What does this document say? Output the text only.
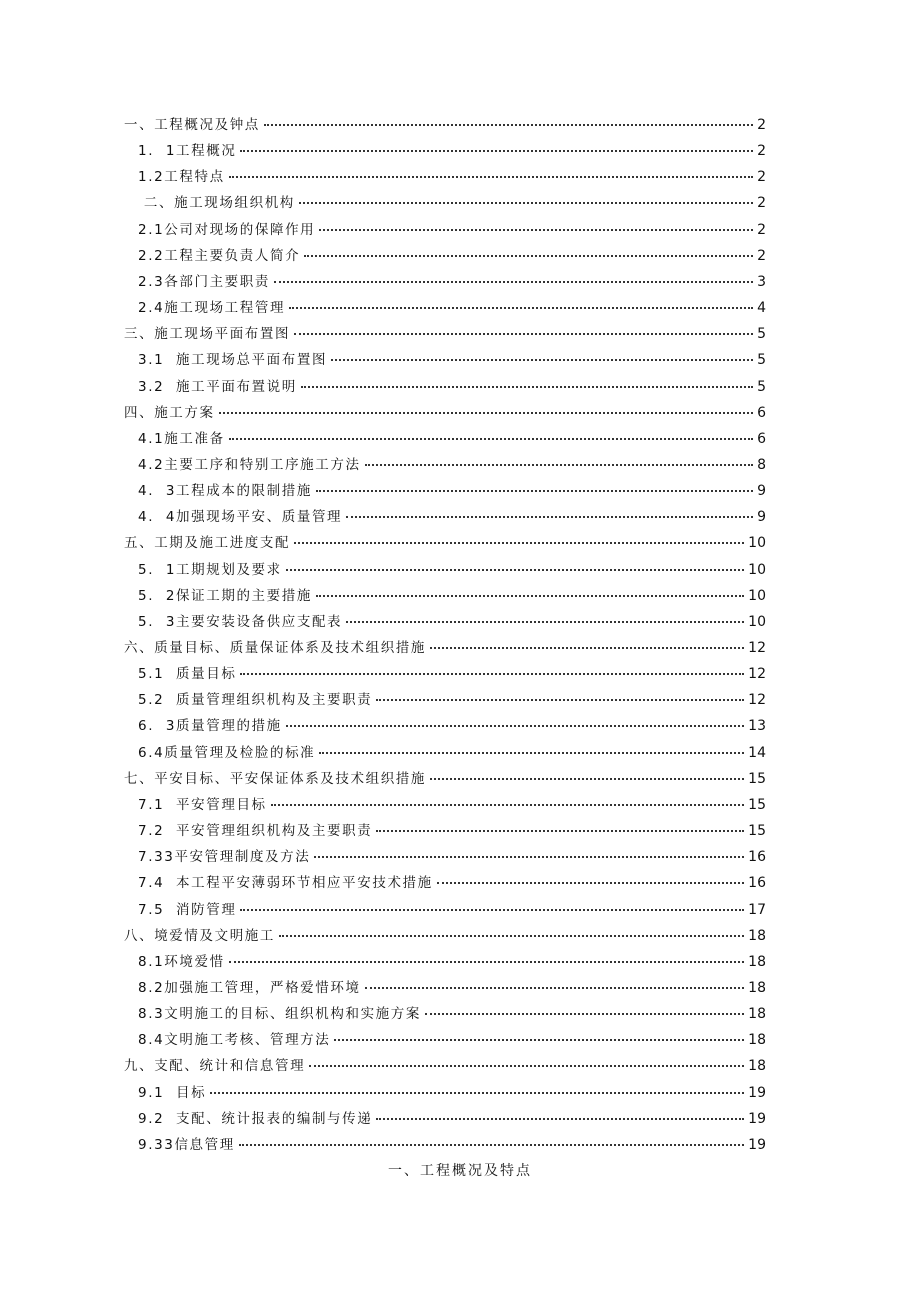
一、工程概况及钟点	2
1.  1工程概况	2
1.2工程特点	2
二、施工现场组织机构	2
2.1公司对现场的保障作用	2
2.2工程主要负责人简介	2
2.3各部门主要职责	3
2.4施工现场工程管理	4
三、施工现场平面布置图	5
3.1  施工现场总平面布置图	5
3.2  施工平面布置说明	5
四、施工方案	6
4.1施工准备	6
4.2主要工序和特别工序施工方法	8
4.  3工程成本的限制措施	9
4.  4加强现场平安、质量管理	9
五、工期及施工进度支配	10
5.  1工期规划及要求	10
5.  2保证工期的主要措施	10
5.  3主要安装设备供应支配表	10
六、质量目标、质量保证体系及技术组织措施	12
5.1  质量目标	12
5.2  质量管理组织机构及主要职责	12
6.  3质量管理的措施	13
6.4质量管理及检脸的标准	14
七、平安目标、平安保证体系及技术组织措施	15
7.1  平安管理目标	15
7.2  平安管理组织机构及主要职责	15
7.33平安管理制度及方法	16
7.4  本工程平安薄弱环节相应平安技术措施	16
7.5  消防管理	17
八、境爱情及文明施工	18
8.1环境爱惜	18
8.2加强施工管理，严格爱惜环境	18
8.3文明施工的目标、组织机构和实施方案	18
8.4文明施工考核、管理方法	18
九、支配、统计和信息管理	18
9.1  目标	19
9.2  支配、统计报表的编制与传递	19
9.33信息管理	19
一、工程概况及特点
